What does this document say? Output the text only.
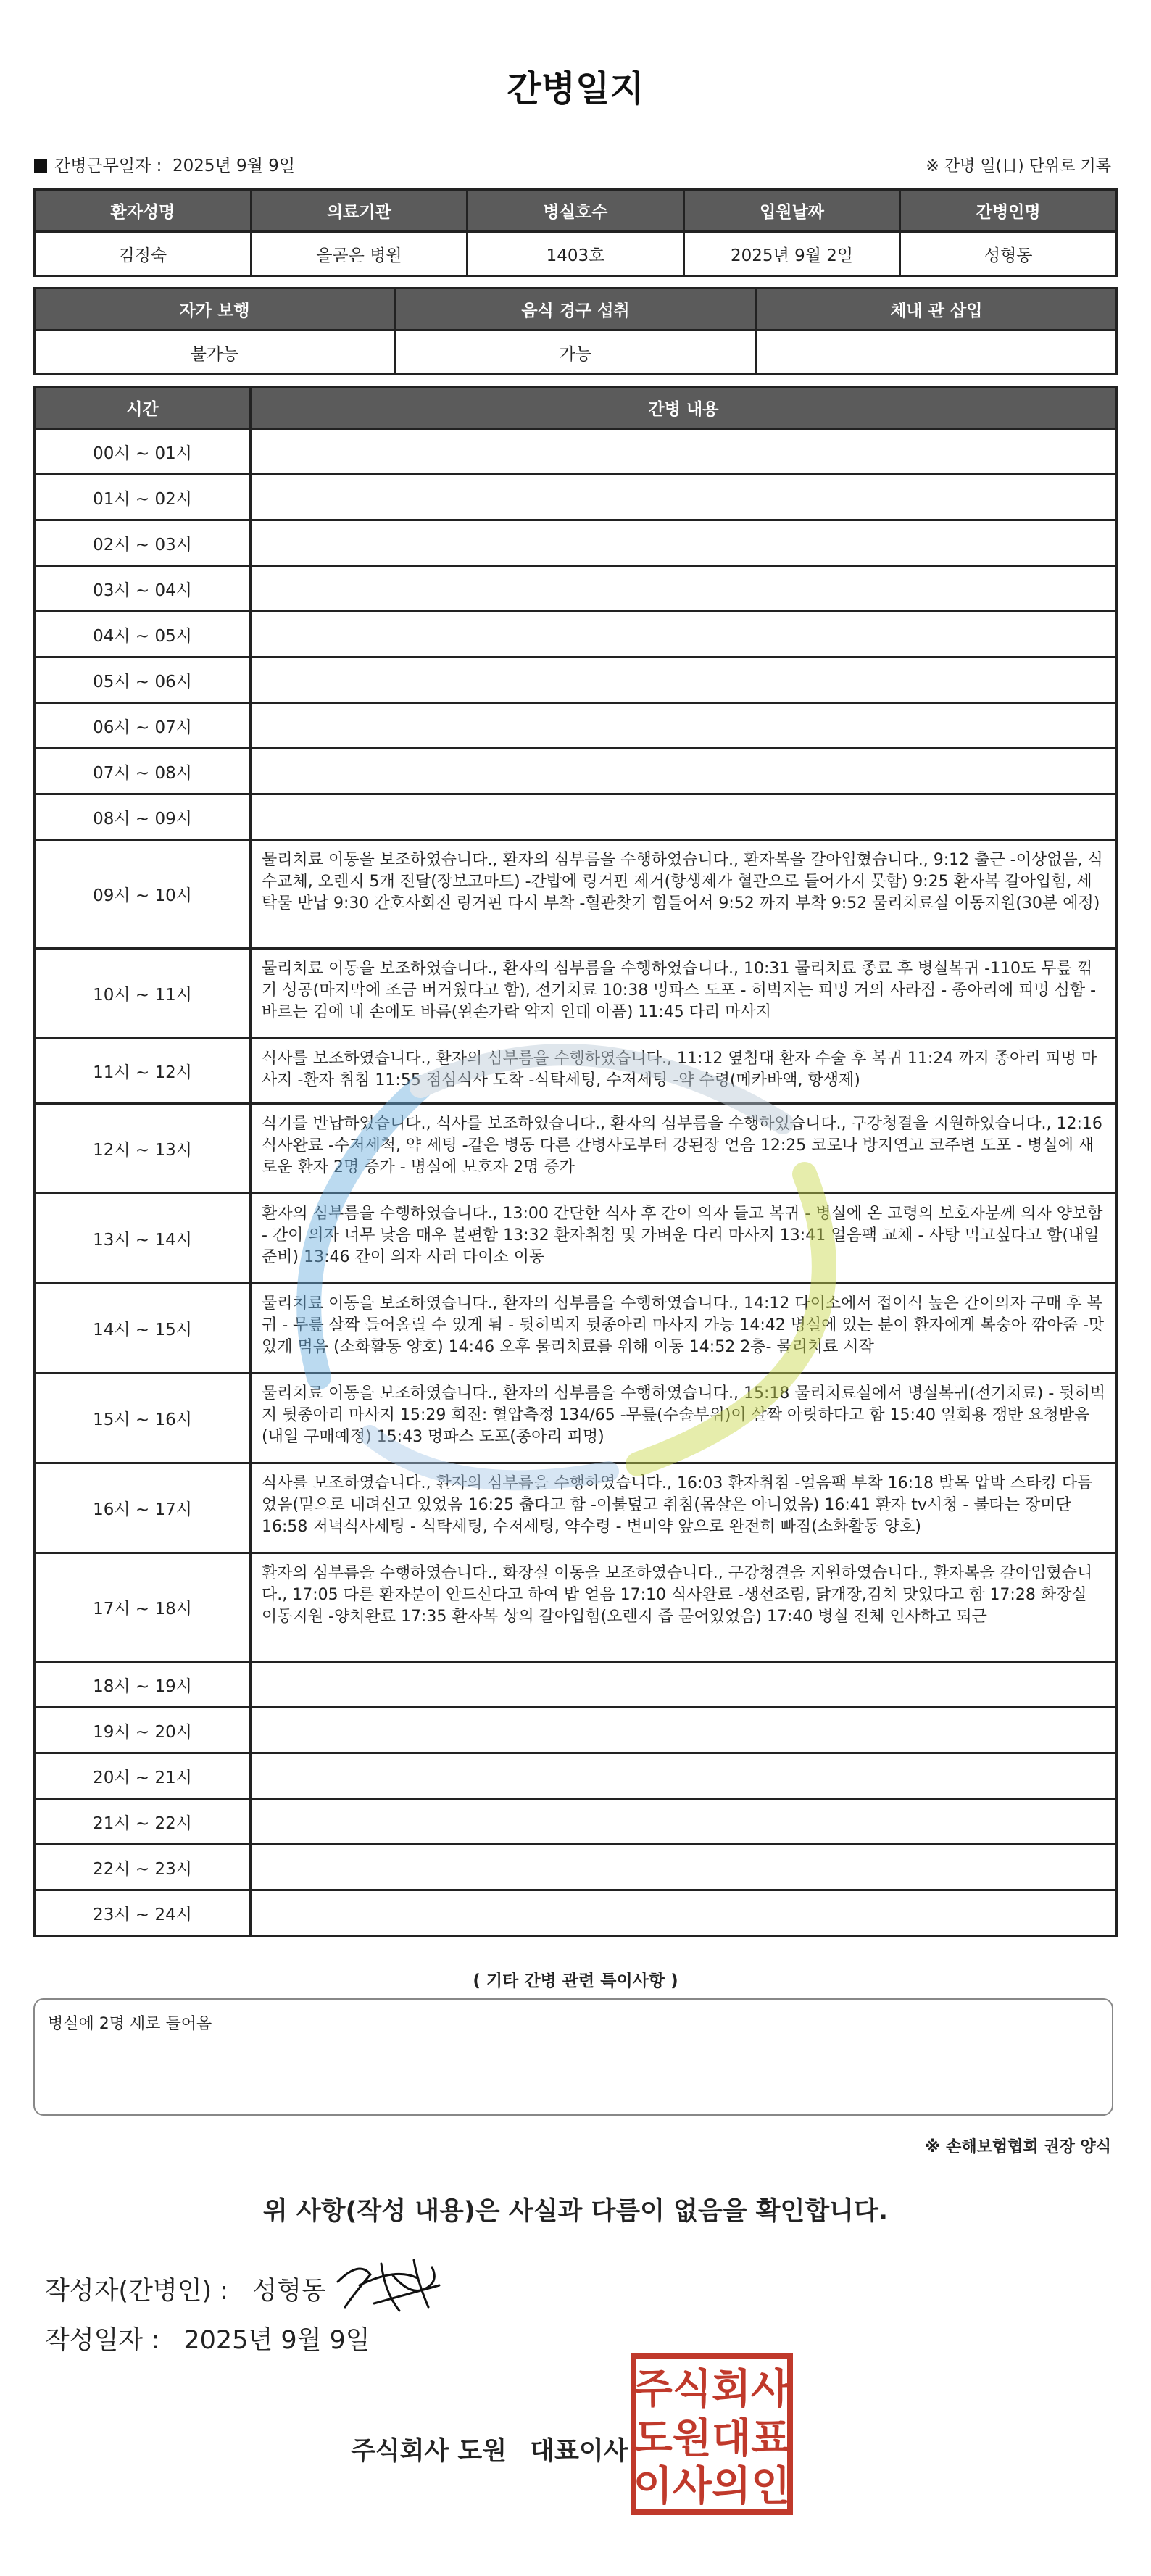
간병일지
간병근무일자 :  2025년 9월 9일	※ 간병 일(日) 단위로 기록
환자성명	의료기관	병실호수	입원날짜	간병인명
김정숙	을곧은 병원	1403호	2025년 9월 2일	성형동
자가 보행	음식 경구 섭취	체내 관 삽입
불가능	가능	
시간	간병 내용
00시 ~ 01시	
01시 ~ 02시	
02시 ~ 03시	
03시 ~ 04시	
04시 ~ 05시	
05시 ~ 06시	
06시 ~ 07시	
07시 ~ 08시	
08시 ~ 09시	
09시 ~ 10시	물리치료 이동을 보조하였습니다., 환자의 심부름을 수행하였습니다., 환자복을 갈아입혔습니다., 9:12 출근 -이상없음, 식수교체, 오렌지 5개 전달(장보고마트) -간밥에 링거핀 제거(항생제가 혈관으로 들어가지 못함) 9:25 환자복 갈아입힘, 세탁물 반납 9:30 간호사회진 링거핀 다시 부착 -혈관찾기 힘들어서 9:52 까지 부착 9:52 물리치료실 이동지원(30분 예정)
10시 ~ 11시	물리치료 이동을 보조하였습니다., 환자의 심부름을 수행하였습니다., 10:31 물리치료 종료 후 병실복귀 -110도 무릎 꺾기 성공(마지막에 조금 버거웠다고 함), 전기치료 10:38 멍파스 도포 - 허벅지는 피멍 거의 사라짐 - 종아리에 피멍 심함 - 바르는 김에 내 손에도 바름(왼손가락 약지 인대 아픔) 11:45 다리 마사지
11시 ~ 12시	식사를 보조하였습니다., 환자의 심부름을 수행하였습니다., 11:12 옆침대 환자 수술 후 복귀 11:24 까지 종아리 피멍 마사지 -환자 취침 11:55 점심식사 도착 -식탁세팅, 수저세팅 -약 수령(메카바액, 항생제)
12시 ~ 13시	식기를 반납하였습니다., 식사를 보조하였습니다., 환자의 심부름을 수행하였습니다., 구강청결을 지원하였습니다., 12:16 식사완료 -수저세척, 약 세팅 -같은 병동 다른 간병사로부터 강된장 얻음 12:25 코로나 방지연고 코주변 도포 - 병실에 새로운 환자 2명 증가 - 병실에 보호자 2명 증가
13시 ~ 14시	환자의 심부름을 수행하였습니다., 13:00 간단한 식사 후 간이 의자 들고 복귀 - 병실에 온 고령의 보호자분께 의자 양보함 - 간이 의자 너무 낮음 매우 불편함 13:32 환자취침 및 가벼운 다리 마사지 13:41 얼음팩 교체 - 사탕 먹고싶다고 함(내일 준비) 13:46 간이 의자 사러 다이소 이동
14시 ~ 15시	물리치료 이동을 보조하였습니다., 환자의 심부름을 수행하였습니다., 14:12 다이소에서 접이식 높은 간이의자 구매 후 복귀 - 무릎 살짝 들어올릴 수 있게 됨 - 뒷허벅지 뒷종아리 마사지 가능 14:42 병실에 있는 분이 환자에게 복숭아 깎아줌 -맛있게 먹음 (소화활동 양호) 14:46 오후 물리치료를 위해 이동 14:52 2층- 물리치료 시작
15시 ~ 16시	물리치료 이동을 보조하였습니다., 환자의 심부름을 수행하였습니다., 15:18 물리치료실에서 병실복귀(전기치료) - 뒷허벅지 뒷종아리 마사지 15:29 회진: 혈압측정 134/65 -무릎(수술부위)이 살짝 아릿하다고 함 15:40 일회용 쟁반 요청받음(내일 구매예정) 15:43 멍파스 도포(종아리 피멍)
16시 ~ 17시	식사를 보조하였습니다., 환자의 심부름을 수행하였습니다., 16:03 환자취침 -얼음팩 부착 16:18 발목 압박 스타킹 다듬었음(밑으로 내려신고 있었음 16:25 춥다고 함 -이불덮고 취침(몸살은 아니었음) 16:41 환자 tv시청 - 불타는 장미단 16:58 저녁식사세팅 - 식탁세팅, 수저세팅, 약수령 - 변비약 앞으로 완전히 빠짐(소화활동 양호)
17시 ~ 18시	환자의 심부름을 수행하였습니다., 화장실 이동을 보조하였습니다., 구강청결을 지원하였습니다., 환자복을 갈아입혔습니다., 17:05 다른 환자분이 안드신다고 하여 밥 얻음 17:10 식사완료 -생선조림, 닭개장,김치 맛있다고 함 17:28 화장실 이동지원 -양치완료 17:35 환자복 상의 갈아입힘(오렌지 즙 묻어있었음) 17:40 병실 전체 인사하고 퇴근
18시 ~ 19시	
19시 ~ 20시	
20시 ~ 21시	
21시 ~ 22시	
22시 ~ 23시	
23시 ~ 24시	
( 기타 간병 관련 특이사항 )
병실에 2명 새로 들어옴
※ 손해보험협회 권장 양식
위 사항(작성 내용)은 사실과 다름이 없음을 확인합니다.
작성자(간병인) : 성형동
작성일자 : 2025년 9월 9일
주식회사 도원 대표이사
주식회사
도원대표
이사의인
